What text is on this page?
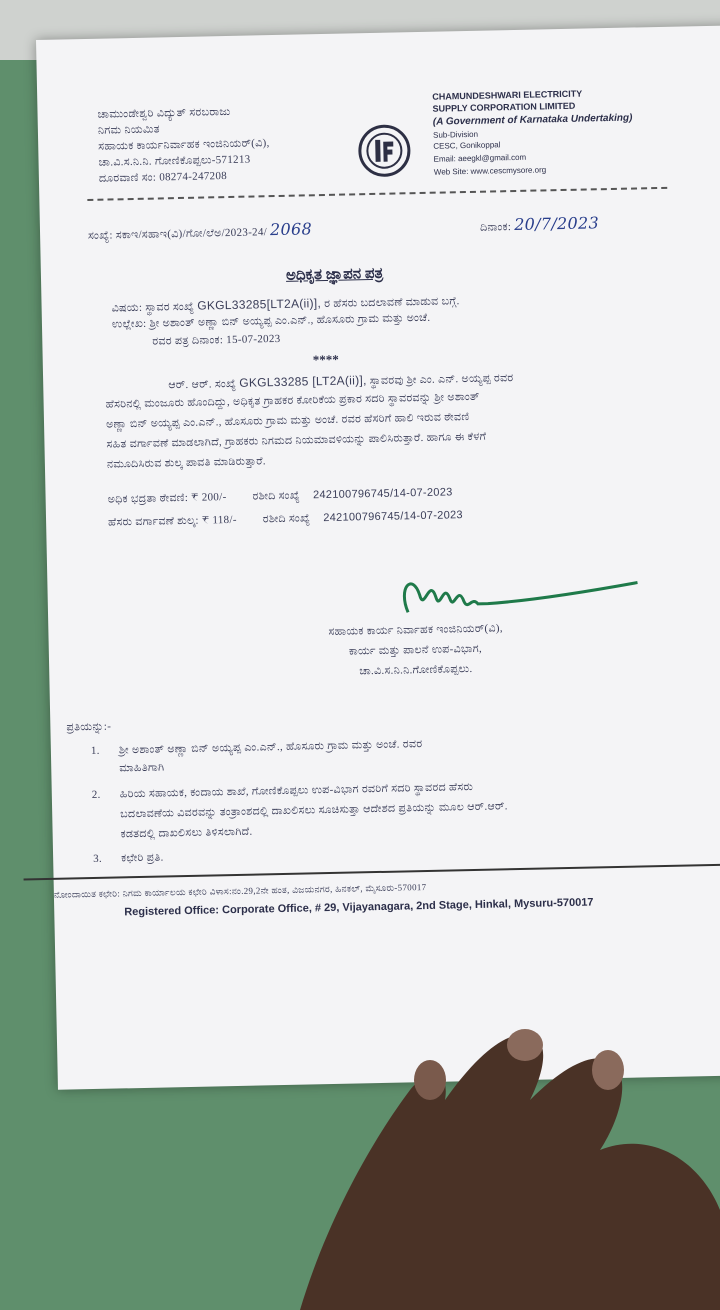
ಚಾಮುಂಡೇಶ್ವರಿ ವಿದ್ಯುತ್ ಸರಬರಾಜು
ನಿಗಮ ನಿಯಮಿತ
ಸಹಾಯಕ ಕಾರ್ಯನಿರ್ವಾಹಕ ಇಂಜಿನಿಯರ್(ವಿ),
ಚಾ.ವಿ.ಸ.ನಿ.ನಿ. ಗೋಣಿಕೊಪ್ಪಲು-571213
ದೂರವಾಣಿ ಸಂ: 08274-247208
CHAMUNDESHWARI ELECTRICITY
SUPPLY CORPORATION LIMITED
(A Government of Karnataka Undertaking)
Sub-Division
CESC, Gonikoppal
Email: aeegkl@gmail.com
Web Site: www.cescmysore.org
ಸಂಖ್ಯೆ: ಸಕಾಇ/ಸಹಾಇ(ವಿ)/ಗೋ/ಲೆಅ/2023-24/ 2068	ದಿನಾಂಕ: 20/7/2023
ಅಧಿಕೃತ ಜ್ಞಾಪನ ಪತ್ರ
ವಿಷಯ: ಸ್ಥಾವರ ಸಂಖ್ಯೆ GKGL33285[LT2A(ii)], ರ ಹೆಸರು ಬದಲಾವಣೆ ಮಾಡುವ ಬಗ್ಗೆ.
ಉಲ್ಲೇಖ: ಶ್ರೀ ಅಶಾಂತ್ ಅಣ್ಣಾ ಬಿನ್ ಅಯ್ಯಪ್ಪ ಎಂ.ಎನ್., ಹೊಸೂರು ಗ್ರಾಮ ಮತ್ತು ಅಂಚೆ.
ರವರ ಪತ್ರ ದಿನಾಂಕ: 15-07-2023
****
ಆರ್. ಆರ್. ಸಂಖ್ಯೆ GKGL33285 [LT2A(ii)], ಸ್ಥಾವರವು ಶ್ರೀ ಎಂ. ಎನ್. ಅಯ್ಯಪ್ಪ ರವರ
ಹೆಸರಿನಲ್ಲಿ ಮಂಜೂರು ಹೊಂದಿದ್ದು, ಅಧಿಕೃತ ಗ್ರಾಹಕರ ಕೋರಿಕೆಯ ಪ್ರಕಾರ ಸದರಿ ಸ್ಥಾವರವನ್ನು ಶ್ರೀ ಅಶಾಂತ್
ಅಣ್ಣಾ ಬಿನ್ ಅಯ್ಯಪ್ಪ ಎಂ.ಎನ್., ಹೊಸೂರು ಗ್ರಾಮ ಮತ್ತು ಅಂಚೆ. ರವರ ಹೆಸರಿಗೆ ಹಾಲಿ ಇರುವ ಠೇವಣಿ
ಸಹಿತ ವರ್ಗಾವಣೆ ಮಾಡಲಾಗಿದೆ, ಗ್ರಾಹಕರು ನಿಗಮದ ನಿಯಮಾವಳಿಯನ್ನು ಪಾಲಿಸಿರುತ್ತಾರೆ. ಹಾಗೂ ಈ ಕೆಳಗೆ
ನಮೂದಿಸಿರುವ ಶುಲ್ಕ ಪಾವತಿ ಮಾಡಿರುತ್ತಾರೆ.
ಅಧಿಕ ಭದ್ರತಾ ಠೇವಣಿ: ₹ 200/- ರಶೀದಿ ಸಂಖ್ಯೆ 242100796745/14-07-2023
ಹೆಸರು ವರ್ಗಾವಣೆ ಶುಲ್ಕ: ₹ 118/- ರಶೀದಿ ಸಂಖ್ಯೆ 242100796745/14-07-2023
ಸಹಾಯಕ ಕಾರ್ಯ ನಿರ್ವಾಹಕ ಇಂಜಿನಿಯರ್(ವಿ),
ಕಾರ್ಯ ಮತ್ತು ಪಾಲನೆ ಉಪ-ವಿಭಾಗ,
ಚಾ.ವಿ.ಸ.ನಿ.ನಿ.ಗೋಣಿಕೊಪ್ಪಲು.
ಪ್ರತಿಯನ್ನು:-
1. ಶ್ರೀ ಅಶಾಂತ್ ಅಣ್ಣಾ ಬಿನ್ ಅಯ್ಯಪ್ಪ ಎಂ.ಎನ್., ಹೊಸೂರು ಗ್ರಾಮ ಮತ್ತು ಅಂಚೆ. ರವರ
ಮಾಹಿತಿಗಾಗಿ
2. ಹಿರಿಯ ಸಹಾಯಕ, ಕಂದಾಯ ಶಾಖೆ, ಗೋಣಿಕೊಪ್ಪಲು ಉಪ-ವಿಭಾಗ ರವರಿಗೆ ಸದರಿ ಸ್ಥಾವರದ ಹೆಸರು
ಬದಲಾವಣೆಯ ವಿವರವನ್ನು ತಂತ್ರಾಂಶದಲ್ಲಿ ದಾಖಲಿಸಲು ಸೂಚಿಸುತ್ತಾ ಆದೇಶದ ಪ್ರತಿಯನ್ನು ಮೂಲ ಆರ್.ಆರ್.
ಕಡತದಲ್ಲಿ ದಾಖಲಿಸಲು ತಿಳಿಸಲಾಗಿದೆ.
3. ಕಛೇರಿ ಪ್ರತಿ.
ನೋಂದಾಯಿತ ಕಛೇರಿ: ನಿಗಮ ಕಾರ್ಯಾಲಯ ಕಛೇರಿ ವಿಳಾಸ:ನಂ.29,2ನೇ ಹಂತ, ವಿಜಯನಗರ, ಹಿನಕಲ್, ಮೈಸೂರು-570017
Registered Office: Corporate Office, # 29, Vijayanagara, 2nd Stage, Hinkal, Mysuru-570017
